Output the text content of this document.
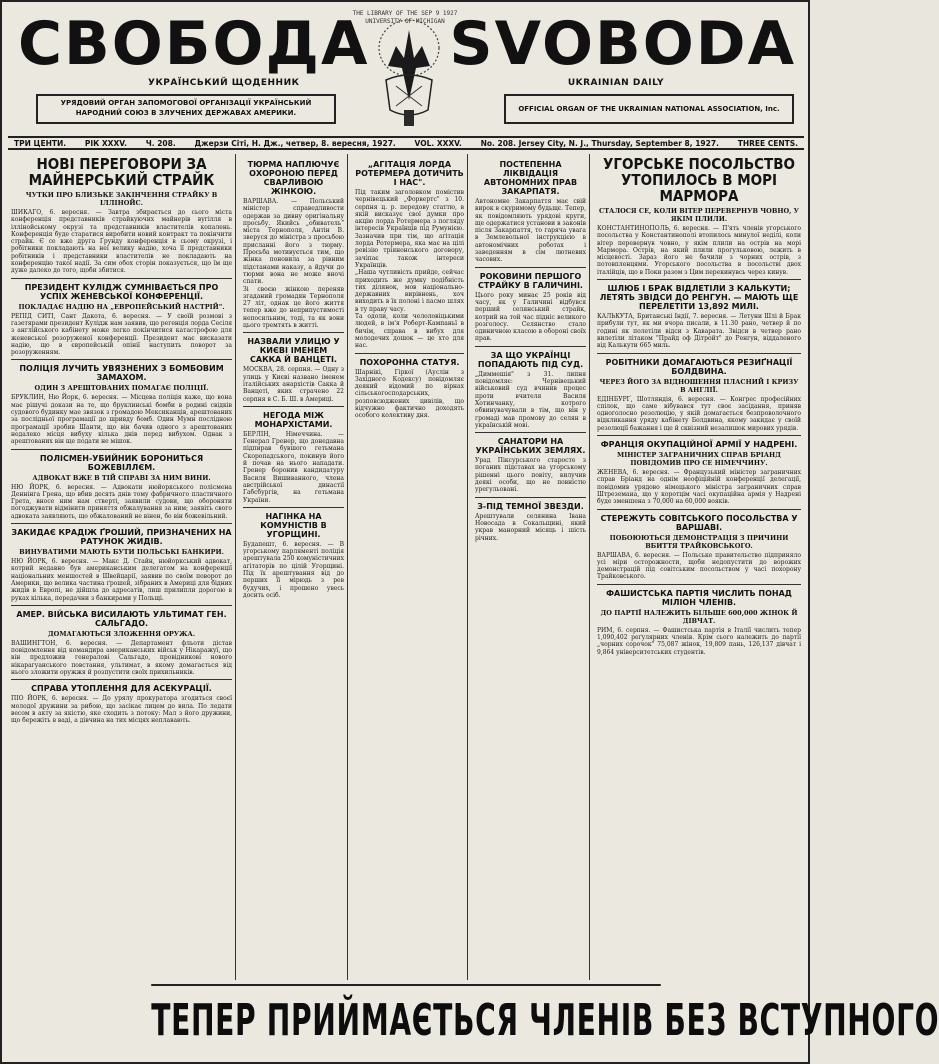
СВОБОДА SVOBODA
УКРАЇНСЬКИЙ ЩОДЕННИК	UKRAINIAN DAILY
УРЯДОВИЙ ОРГАН ЗАПОМОГОВОЇ ОРГАНІЗАЦІЇ УКРАЇНСЬКИЙ НАРОДНИЙ СОЮЗ В ЗЛУЧЕНИХ ДЕРЖАВАХ АМЕРИКИ.	OFFICIAL ORGAN OF THE UKRAINIAN NATIONAL ASSOCIATION, Inc.
THE LIBRARY OF THE SEP 9 1927 UNIVERSITY OF MICHIGAN
ТРИ ЦЕНТИ.	РІК XXXV.	Ч. 208.	Джерзи Сіті, Н. Дж., четвер, 8. вересня, 1927.	VOL. XXXV.	No. 208. Jersey City, N. J., Thursday, September 8, 1927.	THREE CENTS.
НОВІ ПЕРЕГОВОРИ ЗА МАЙНЕРСЬКИЙ СТРАЙК
ЧУТКИ ПРО БЛИЗЬКЕ ЗАКІНЧЕННЯ СТРАЙКУ В ІЛЛІНОЙС.
ШИКАГО, 6. вересня. — Завтра збирається до сього міста конференція представників страйкуючих майнерів вугілля в іллінойському окрузі та представників властителів копалень. Конференція буде старатися виробити новий контракт та покінчити страйк. Є се вже друга Ґрунду конференція в сьому окрузі, і робітники покладають на неї велику надію, хоча її представники робітників і представники властителів не покладають на конференцію такої надії. За сим обох сторін показується, що їм ще дуже далеко до того, щоби збитися.
ПРЕЗИДЕНТ КУЛІДЖ СУМНІВАЄТЬСЯ ПРО УСПІХ ЖЕНЕВСЬКОЇ КОНФЕРЕНЦІЇ.
ПОКЛАДАЄ НАДІЮ НА „ЕВРОПЕЙСЬКИЙ НАСТРІЙ".
РЕПІД СИТІ, Сант Дакота, 6. вересня. — У своїй розмові з газетярами президент Кулідж нам заявив, що регенція лорда Сесіля з англійського кабінету може легко покінчитися катастрофою для женевської розоруженої конференції. Президент має висказати надію, що в європейській опінії наступить поворот за розоруженням.
ПОЛІЦІЯ ЛУЧИТЬ УВЯЗНЕНИХ З БОМБОВИМ ЗАМАХОМ.
ОДИН З АРЕШТОВАНИХ ПОМАГАЄ ПОЛІЦІЇ.
БРУКЛИН, Ню Йорк, 6. вересня. — Місцева поліція каже, що вона має рішучі докази на те, що бруклинські бомби в родині свідків судового будинку мае звязок з громадою Мексиканців, арештованих за послідньої програмації до шривду бомб. Один Мумн послідною програмації зробив Шанти, що він бачив одного з арештованих недалеко місця вибуху кілька днів перед вибухом. Однак з арештованих він ще подати не мішок.
ПОЛІСМЕН-УБИЙНИК БОРОНИТЬСЯ БОЖЕВІЛЛЄМ.
АДВОКАТ ВЖЕ В ТІЙ СПРАВІ ЗА НИМ ВИНИ.
НЮ ЙОРК, 6. вересня. — Адвокати нюйоркського полісмена Деннінга Грена, що вбив десять днів тому фабричного пластичного Грета, вносе ним нам стверті, заявили судови, що обороняти погоджувати відмінити приняття обжалування за ним; заявіть свого адвоката заявляють, що обжалований не вінен, бо він божевільний.
ЗАКИДАЄ КРАДІЖ ҐРОШИЙ, ПРИЗНАЧЕНИХ НА РАТУНОК ЖИДІВ.
ВИНУВАТИМИ МАЮТЬ БУТИ ПОЛЬСЬКІ БАНКИРИ.
НЮ ЙОРК, 6. вересня. — Макс Д. Стайн, нюйоркський адвокат, котрий недавно був американським делегатом на конференції національних меншостей в Швейцарії, заявив по своїм поворот до Америки, що велика частина ґрошей, зібраних в Америці для бідних жидів в Европі, не дійшла до адресатів, лиш прилипли дорогою в руках кілька, передачни з банкирами у Польщі.
АМЕР. ВІЙСЬКА ВИСИЛАЮТЬ УЛЬТИМАТ ГЕН. САЛЬГАДО.
ДОМАГАЮТЬСЯ ЗЛОЖЕННЯ ОРУЖА.
ВАШИНГТОН, 6. вересня. — Департамент фльоти дістав повідомлення від командира американських військ у Нікаражуї, що він предложив генералові Сальгадо, провідникові нового нікарагуанського повстання, ультимат, в якому домагається від нього зложити оружжя й розпустити своїх прихильників.
СПРАВА УТОПЛЕННЯ ДЛЯ АСЕКУРАЦІЇ.
ПІО ЙОРК, 6. вересня. — До урялу прокуратора згодиться своєї молодої дружини за рибою, що засікає лицем до вила. По ледати весом в акту за якістю, яке сходить з потоку: Мал з його дружини, що бережіть в ваді, а дівчина на тих місцях неплавають.
ТЮРМА НАПЛЮЧУЄ ОХОРОНОЮ ПЕРЕД СВАРЛИВОЮ ЖІНКОЮ.
ВАРШАВА. — Польський міністер справедливости одержав за дивну оригінальну просьбу. Якийсь „обивательˮ міста Тернополя, Антін В. зверуся до міністра з просьбою присланні його з тюрму. Просьба мотивується тим, що жінка поновила за рівним підстанами наказу, а йдучи до тюрми вона не може вночі спати.
Зі своєю жінкою переняв згаданий громадян Тернополя 27 літ, однак це його життя тепер вже до неприпустимості непосильним, тоді, та як вони цього тремтять в житті.
НАЗВАЛИ УЛИЦЮ У КИЄВІ ІМЕНЕМ САККА Й ВАНЦЕТІ.
МОСКВА, 28. серпня. — Одну з улиць у Києві названо іменем італійських анархістів Сакка й Ванцеті, яких страчено 22 серпня в С. Б. Ш. в Америці.
НЕГОДА МІЖ МОНАРХІСТАМИ.
БЕРЛІН, Німеччина. — Генерал Гренер, що донедавна підпирав бувшого гетьмана Скоропадського, покинув його й почав на нього нападати. Гренер боронив кандидатуру Василя Вишиванного, члена австрійської династії Габсбургів, на гетьмана України.
НАГІНКА НА КОМУНІСТІВ В УГОРЩИНІ.
Будапешт, 6. вересня. — В угорському парляменті поліція арештувала 250 комуністичних агітаторів по цілій Угорщині. Під їх арештування від до перших її мірюдь з рев будучих, і прошено увесь досить осіб.
„АГІТАЦІЯ ЛОРДА РОТЕРМЕРА ДОТИЧИТЬ І НАС".
Під таким заголовком помістив чернівецький „Форвертс" з 10. серпня ц. р. передову статтю, в якій висказує свої думки про акцію лорда Ротермера з погляду інтересів Українців під Румунією. Зазначив при тім, що агітація лорда Ротермера, яка має на цілі ревізію тріянонського договору, зачіпає також інтереси Українців.
„Наша чутливість прийде, сейчас приходить же думку подібність тих ділянок, мов національно-державних вирівнень, хоч виходить в їх полоні і пасмо шлях в ту праву часу.
Та одоли, коли челоловіцькими людей, в ім'я Роберт-Кампаньї в бичім, справа в вибух для молодечих дошок — це хто для нас.
ПОХОРОННА СТАТУЯ.
Шарнікі, Гіркої (Ауслін з Західного Кодексу) повідомляє деякий відомий по вірнах сільськогосподарських, розповсюджених цивілів, що відчужно фактично доходять особого колективу дня.
ПОСТЕПЕННА ЛІКВІДАЦІЯ АВТОНОМНИХ ПРАВ ЗАКАРПАТЯ.
Автономне Закарпаття має свій вирок в скуримому будьщє. Тепер, як повідомляють урядові круги, ще одержатися установи в законів після Закарпаття, то гаряча увага в Землевольної інструкцією в автономічних роботах і заведенням в сім лютневих часових.
РОКОВИНИ ПЕРШОГО СТРАЙКУ В ГАЛИЧИНІ.
Цього року минає 25 років від часу, як у Галичині відбувся перший селянський страйк, котрий на той час підніс великого розголосу. Селянство стало одиничною класою в обороні своїх прав.
ЗА ЩО УКРАЇНЦІ ПОПАДАЮТЬ ПІД СУД.
„Диммешія" з 31. липня повідомляє: Чернівецький військовий суд вчинив процес проти вчителя Василя Хотинчанку, котрого обвинувачували в тім, що він у громаді мав промову до селян в українській мові.
САНАТОРИ НА УКРАЇНСЬКИХ ЗЕМЛЯХ.
Урад Піксурського старосте з поганих підставах на угорському рішенні цього повіту, вилучив деякі особи, що не повністю урегульовані.
З-ПІД ТЕМНОЇ ЗВЕЗДИ.
Арештували селянина Івана Новосада в Сокальщині, який украв манорний місяць і шість річних.
УГОРСЬКЕ ПОСОЛЬСТВО УТОПИЛОСЬ В МОРІ МАРМОРА
СТАЛОСЯ СЕ, КОЛИ ВІТЕР ПЕРЕВЕРНУВ ЧОВНО, У ЯКІМ ПЛИЛИ.
КОНСТАНТИНОПОЛЬ, 6. вересня. — П'ять членів угорського посольства у Константинополі втопилось минулої неділі, коли вітер перевернув човно, у якім плили на острів на морі Мармора. Острів, на який плили прогульковою, лежить в місцевості. Зараз його не бачили з чорних острів, з потовпленцями. Угорського посольства в посольстві двох італійців, що в Поки разом з Цим перекинувсь через кинув.
ШЛЮБ І БРАК ВІДЛЕТІЛИ З КАЛЬКУТИ; ЛЕТЯТЬ ЗВІДСИ ДО РЕНГУН. — МАЮТЬ ЩЕ ПЕРЕЛЕТІТИ 13,892 МИЛІ.
КАЛЬКУТА, Британські Індії, 7. вересня. — Летуни Шлі й Брак прибули тут, як ми вчора писали, в 11.30 рано, четвер й по годині як полетіли відси з Каварата. Звідси в четвер рано вилетіли літаком "Прайд оф Дітройт" до Ренгун, віддаленого від Калькути 665 миль.
РОБІТНИКИ ДОМАГАЮТЬСЯ РЕЗИҐНАЦІЇ БОЛДВИНА.
ЧЕРЕЗ ЙОГО ЗА ВІДНОШЕННЯ ПЛАСНИЙ І КРИЗУ В АНГЛІЇ.
ЕДІНБУРҐ, Шотляндія, 6. вересня. — Конгрес професійних спілок, що саме вібувався тут своє засідання, приняв одноголосно резолюцію, у якій домагається безпроволочного відкликання уряду кабінету Болдвина, якому закидає у своїй резолюції бажання і ще й сквізний незалишок мирових урядів.
ФРАНЦІЯ ОКУПАЦІЙНОЇ АРМІЇ У НАДРЕНІ.
МІНІСТЕР ЗАГРАНИЧНИХ СПРАВ БРІАНД ПОВІДОМИВ ПРО СЕ НІМЕЧЧИНУ.
ЖЕНЕВА, 6. вересня. — Французький міністер заграничних справ Бріанд на однім неофіційній конференції делегації, повідомив урядово німецького міністра заграничних справ Штреземана, що у коротцім часі окупаційна армія у Надрені буде зменшена з 70,000 на 60,000 вояків.
СТЕРЕЖУТЬ СОВІТСЬКОГО ПОСОЛЬСТВА У ВАРШАВІ.
ПОБОЮЮТЬСЯ ДЕМОНСТРАЦІЯ З ПРИЧИНИ ВБИТТЯ ТРАЙКОВСЬКОГО.
ВАРШАВА, 6. вересня. — Польське правительство підприняло усі міри осторожности, щоби недопустити до ворожих демонстрацій під совітським посольством у часі похорону Трайковського.
ФАШИСТСЬКА ПАРТІЯ ЧИСЛИТЬ ПОНАД МІЛІОН ЧЛЕНІВ.
ДО ПАРТІЇ НАЛЕЖИТЬ БІЛЬШЕ 600,000 ЖІНОК Й ДІВЧАТ.
РИМ, 6. серпня. — Фашистська партія в Італії числить тепер 1,090,402 реґулярних членів. Крім сього належить до партії „чорних сорочок" 75,087 жінок, 19,809 пань, 126,137 дівчат і 9,864 університетських студентів.
ТЕПЕР ПРИЙМАЄТЬСЯ ЧЛЕНІВ БЕЗ ВСТУПНОГО
